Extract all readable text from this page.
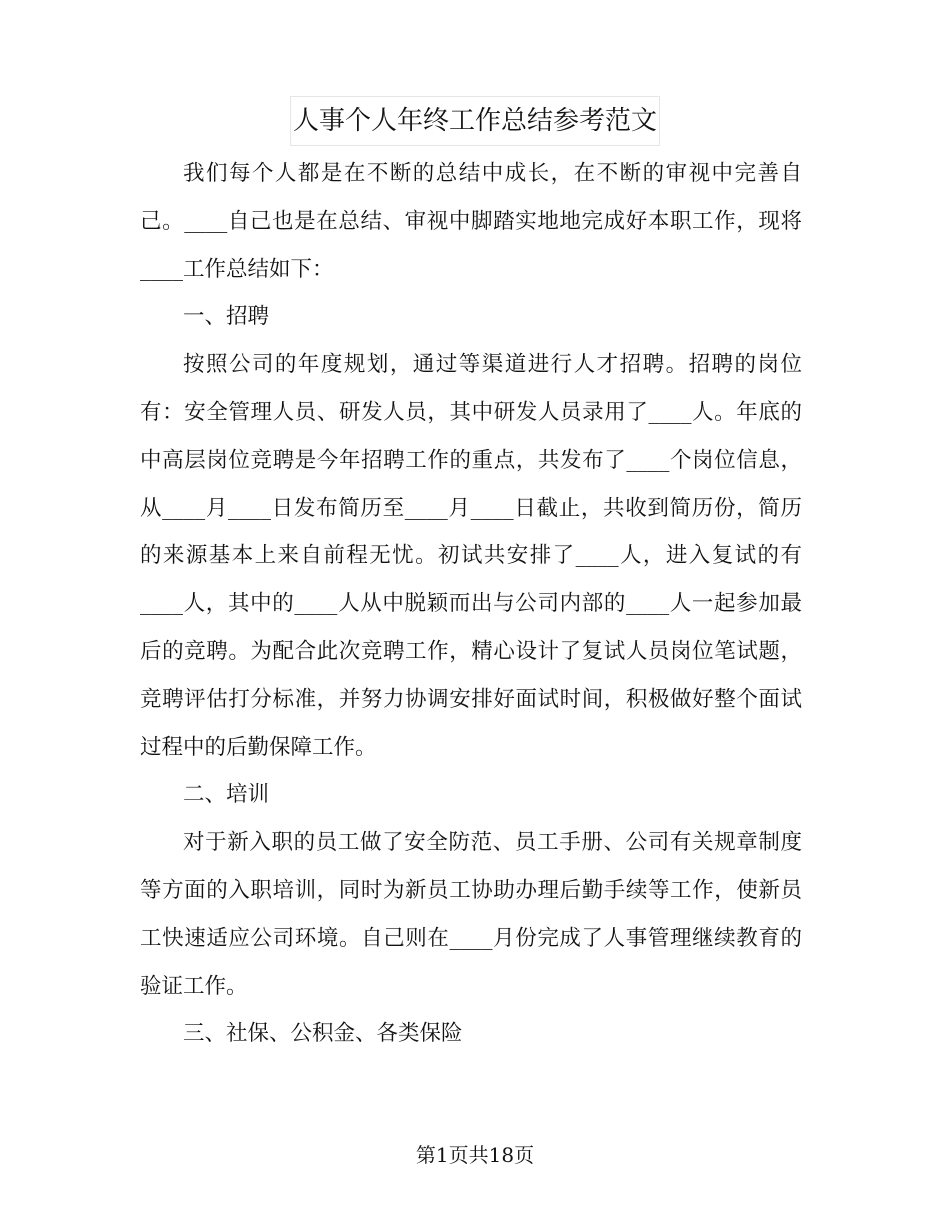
人事个人年终工作总结参考范文

我们每个人都是在不断的总结中成长，在不断的审视中完善自己。____自己也是在总结、审视中脚踏实地地完成好本职工作，现将____工作总结如下：

一、招聘

按照公司的年度规划，通过等渠道进行人才招聘。招聘的岗位有：安全管理人员、研发人员，其中研发人员录用了____人。年底的中高层岗位竞聘是今年招聘工作的重点，共发布了____个岗位信息，从____月____日发布简历至____月____日截止，共收到简历份，简历的来源基本上来自前程无忧。初试共安排了____人，进入复试的有____人，其中的____人从中脱颖而出与公司内部的____人一起参加最后的竞聘。为配合此次竞聘工作，精心设计了复试人员岗位笔试题，竞聘评估打分标准，并努力协调安排好面试时间，积极做好整个面试过程中的后勤保障工作。

二、培训

对于新入职的员工做了安全防范、员工手册、公司有关规章制度等方面的入职培训，同时为新员工协助办理后勤手续等工作，使新员工快速适应公司环境。自己则在____月份完成了人事管理继续教育的验证工作。

三、社保、公积金、各类保险

第1页共18页
